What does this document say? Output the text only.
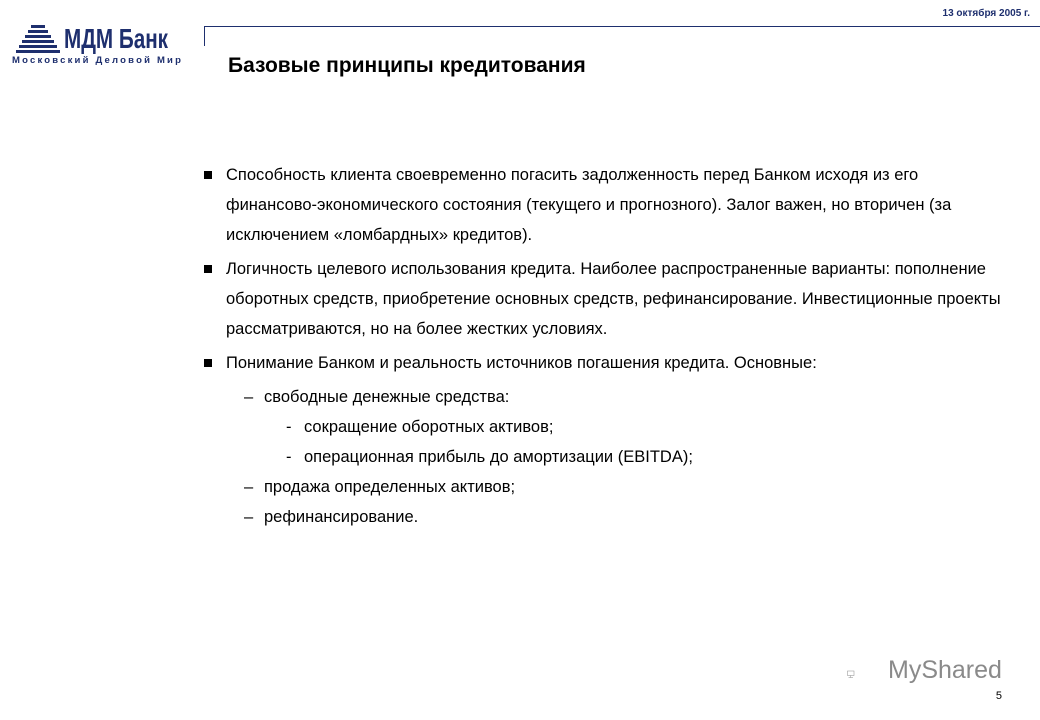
МДМ Банк
Московский Деловой Мир
13 октября 2005 г.
Базовые принципы кредитования
Способность клиента своевременно погасить задолженность перед Банком исходя из его финансово-экономического состояния (текущего и прогнозного). Залог важен, но вторичен (за исключением «ломбардных» кредитов).
Логичность целевого использования кредита. Наиболее распространенные варианты: пополнение оборотных средств, приобретение основных средств, рефинансирование. Инвестиционные проекты рассматриваются, но на более жестких условиях.
Понимание Банком и реальность источников погашения кредита. Основные:
– свободные денежные средства:
- сокращение оборотных активов;
- операционная прибыль до амортизации (EBITDA);
– продажа определенных активов;
– рефинансирование.
MyShared
5
